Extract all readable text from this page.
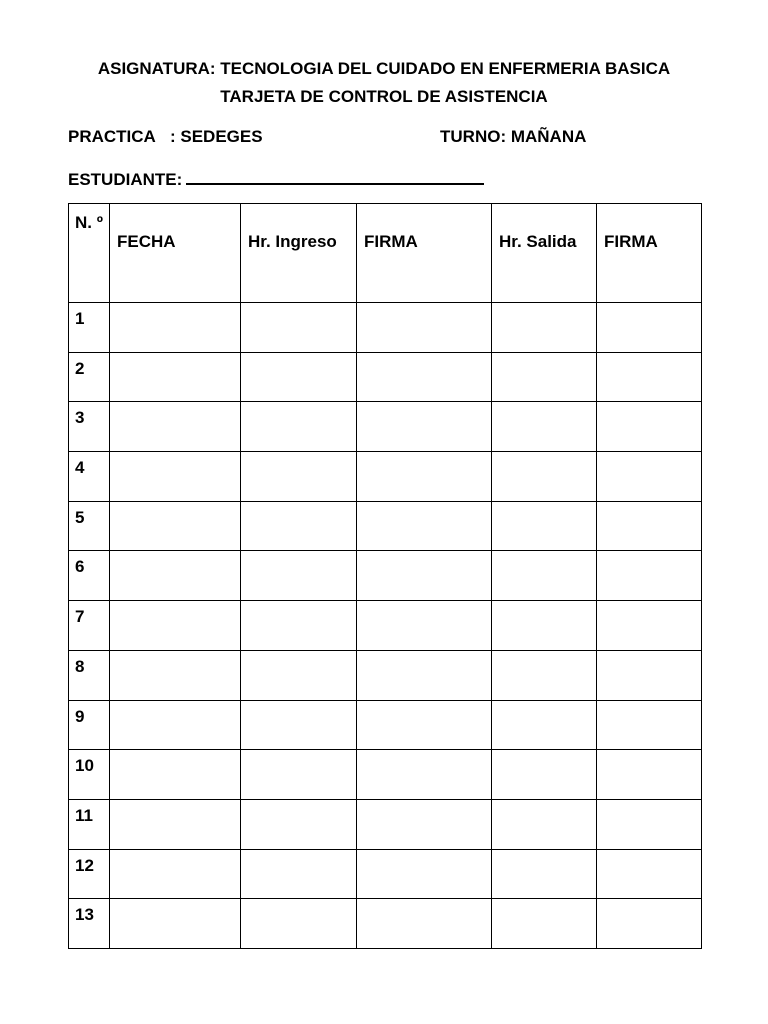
ASIGNATURA: TECNOLOGIA DEL CUIDADO EN ENFERMERIA BASICA
TARJETA DE CONTROL DE ASISTENCIA
PRACTICA : SEDEGES	TURNO: MAÑANA
ESTUDIANTE:
N. º	FECHA	Hr. Ingreso	FIRMA	Hr. Salida	FIRMA

1					

2					

3					

4					

5					

6					

7					

8					

9					

10					

11					

12					

13					
